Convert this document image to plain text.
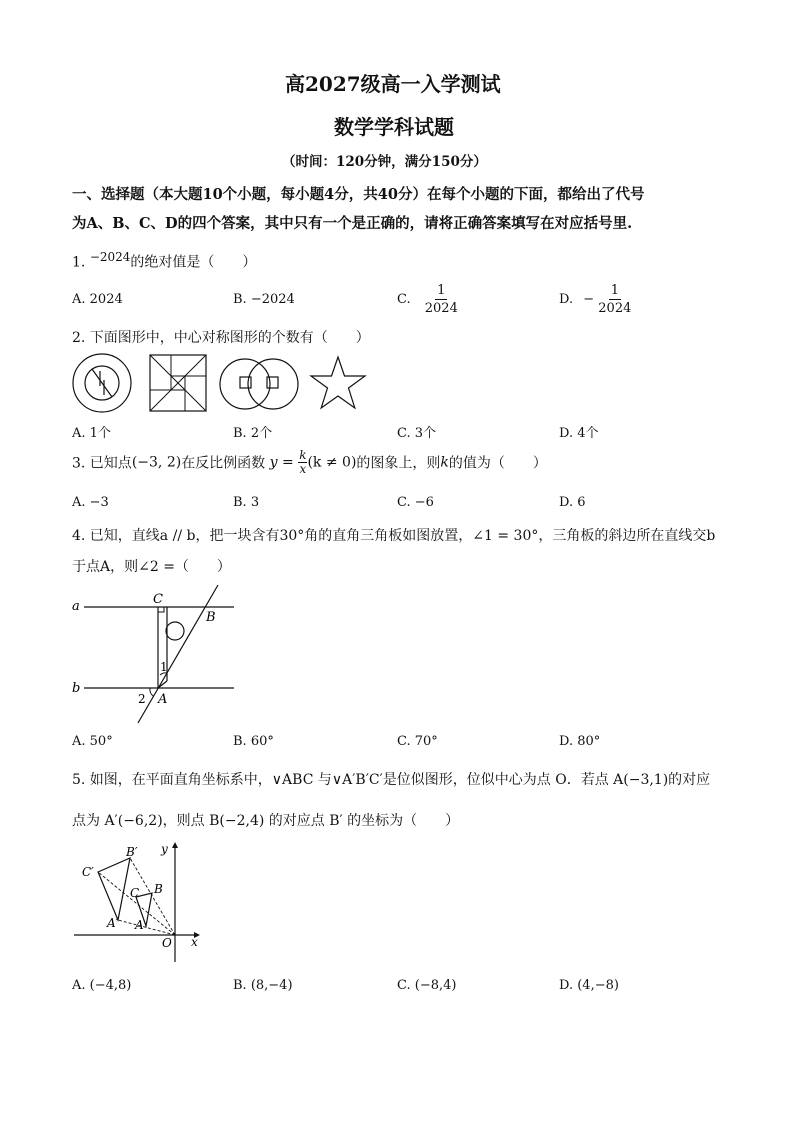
高2027级高一入学测试
数学学科试题
（时间：120分钟，满分150分）
一、选择题（本大题10个小题，每小题4分，共40分）在每个小题的下面，都给出了代号
为A、B、C、D的四个答案，其中只有一个是正确的，请将正确答案填写在对应括号里.
1. $^{-2024}$的绝对值是（　　）
A. 2024	B. −2024	C. $\frac{1}{2024}$	D. − $\frac{1}{2024}$
2. 下面图形中，中心对称图形的个数有（　　）
A. 1个	B. 2个	C. 3个	D. 4个
3. 已知点(−3, 2)在反比例函数 $y = \frac{k}{x} (k \ne 0)$的图象上，则k的值为（　　）
A. −3	B. 3	C. −6	D. 6
4. 已知，直线a // b，把一块含有30°角的直角三角板如图放置，∠1 = 30°，三角板的斜边所在直线交b
于点A，则∠2 =（　　）
a
b
C
B
A
1
2
A. 50°	B. 60°	C. 70°	D. 80°
5. 如图，在平面直角坐标系中，∨ABC 与∨A′B′C′是位似图形，位似中心为点 O．若点 A(−3,1)的对应
点为 A′(−6,2)，则点 B(−2,4) 的对应点 B′ 的坐标为（　　）
C′
B′
A′
C B
A
O x
y
A. (−4,8)	B. (8,−4)	C. (−8,4)	D. (4,−8)
